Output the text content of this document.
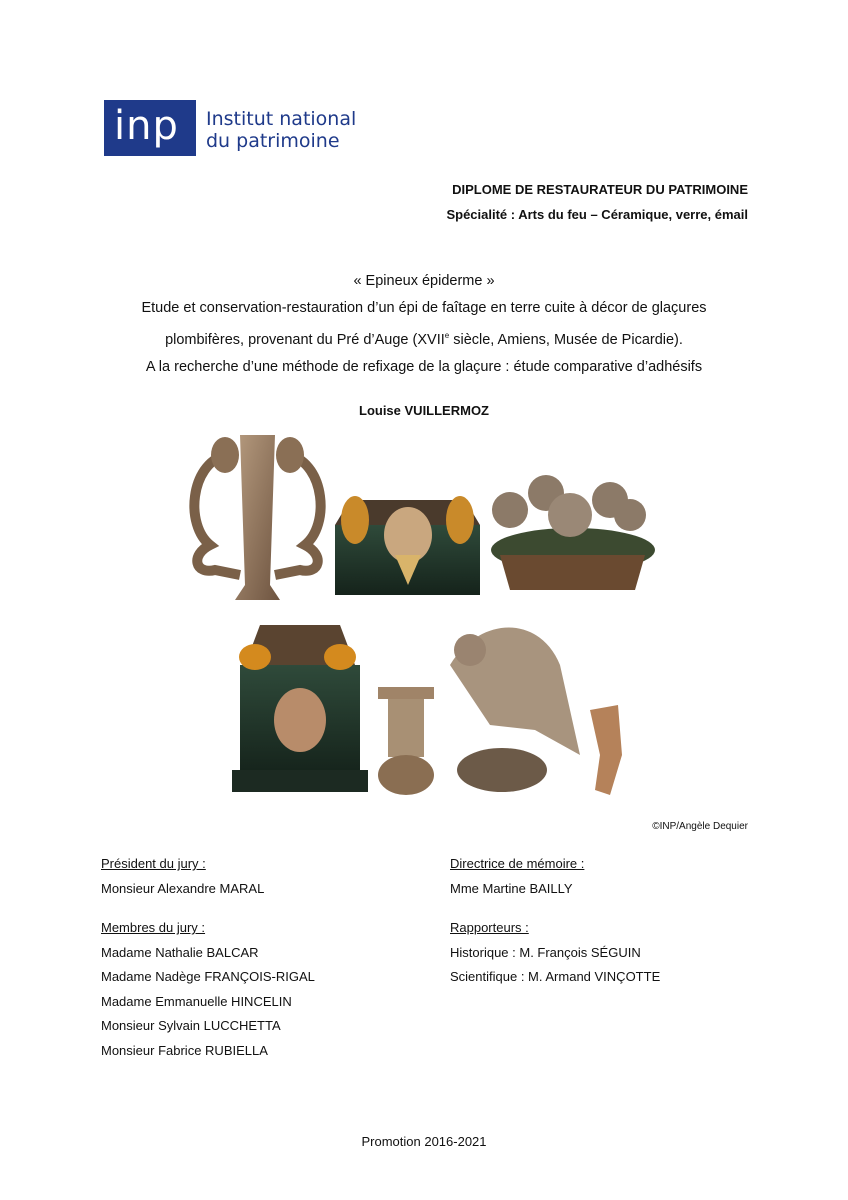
inp Institut national
du patrimoine
DIPLOME DE RESTAURATEUR DU PATRIMOINE
Spécialité : Arts du feu – Céramique, verre, émail
« Epineux épiderme »
Etude et conservation-restauration d’un épi de faîtage en terre cuite à décor de glaçures
plombifères, provenant du Pré d’Auge (XVIIe siècle, Amiens, Musée de Picardie).
A la recherche d’une méthode de refixage de la glaçure : étude comparative d’adhésifs
Louise VUILLERMOZ
©INP/Angèle Dequier
Président du jury :
Monsieur Alexandre MARAL
Membres du jury :
Madame Nathalie BALCAR
Madame Nadège FRANÇOIS-RIGAL
Madame Emmanuelle HINCELIN
Monsieur Sylvain LUCCHETTA
Monsieur Fabrice RUBIELLA
Directrice de mémoire :
Mme Martine BAILLY
Rapporteurs :
Historique : M. François SÉGUIN
Scientifique : M. Armand VINÇOTTE
Promotion 2016-2021
